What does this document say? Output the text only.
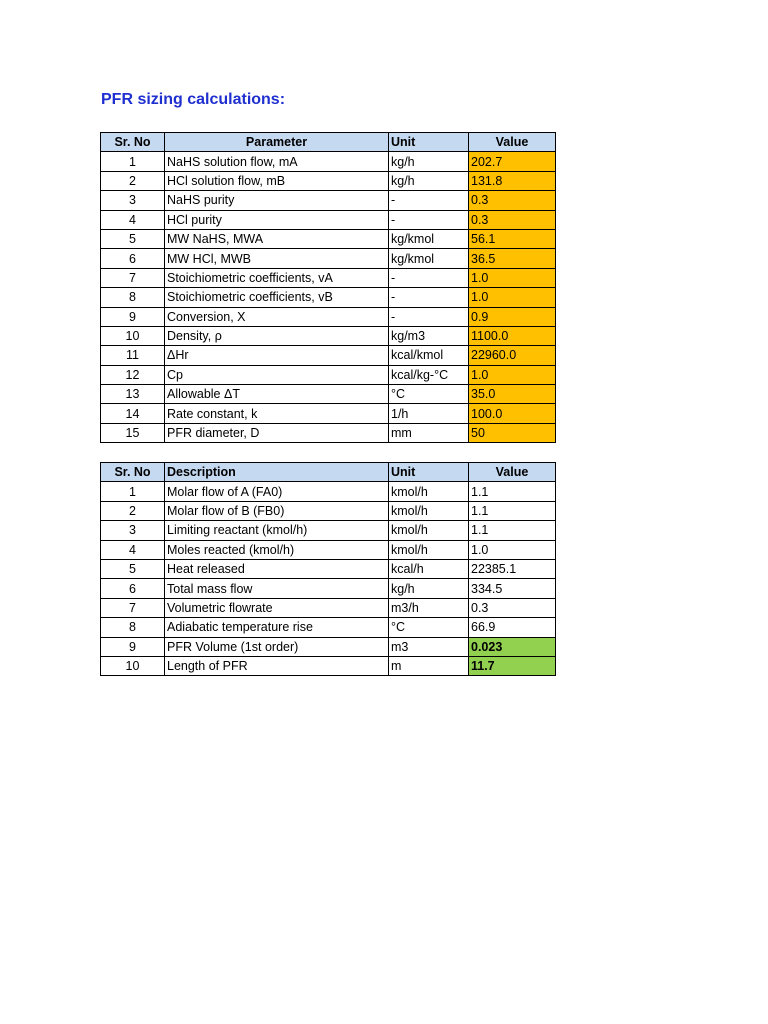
PFR sizing calculations:
Sr. No	Parameter	Unit	Value
1	NaHS solution flow, mA	kg/h	202.7
2	HCl solution flow, mB	kg/h	131.8
3	NaHS purity	-	0.3
4	HCl purity	-	0.3
5	MW NaHS, MWA	kg/kmol	56.1
6	MW HCl, MWB	kg/kmol	36.5
7	Stoichiometric coefficients, vA	-	1.0
8	Stoichiometric coefficients, vB	-	1.0
9	Conversion, X	-	0.9
10	Density, ρ	kg/m3	1100.0
11	ΔHr	kcal/kmol	22960.0
12	Cp	kcal/kg-°C	1.0
13	Allowable ΔT	°C	35.0
14	Rate constant, k	1/h	100.0
15	PFR diameter, D	mm	50
Sr. No	Description	Unit	Value
1	Molar flow of A (FA0)	kmol/h	1.1
2	Molar flow of B (FB0)	kmol/h	1.1
3	Limiting reactant (kmol/h)	kmol/h	1.1
4	Moles reacted (kmol/h)	kmol/h	1.0
5	Heat released	kcal/h	22385.1
6	Total mass flow	kg/h	334.5
7	Volumetric flowrate	m3/h	0.3
8	Adiabatic temperature rise	°C	66.9
9	PFR Volume (1st order)	m3	0.023
10	Length of PFR	m	11.7
